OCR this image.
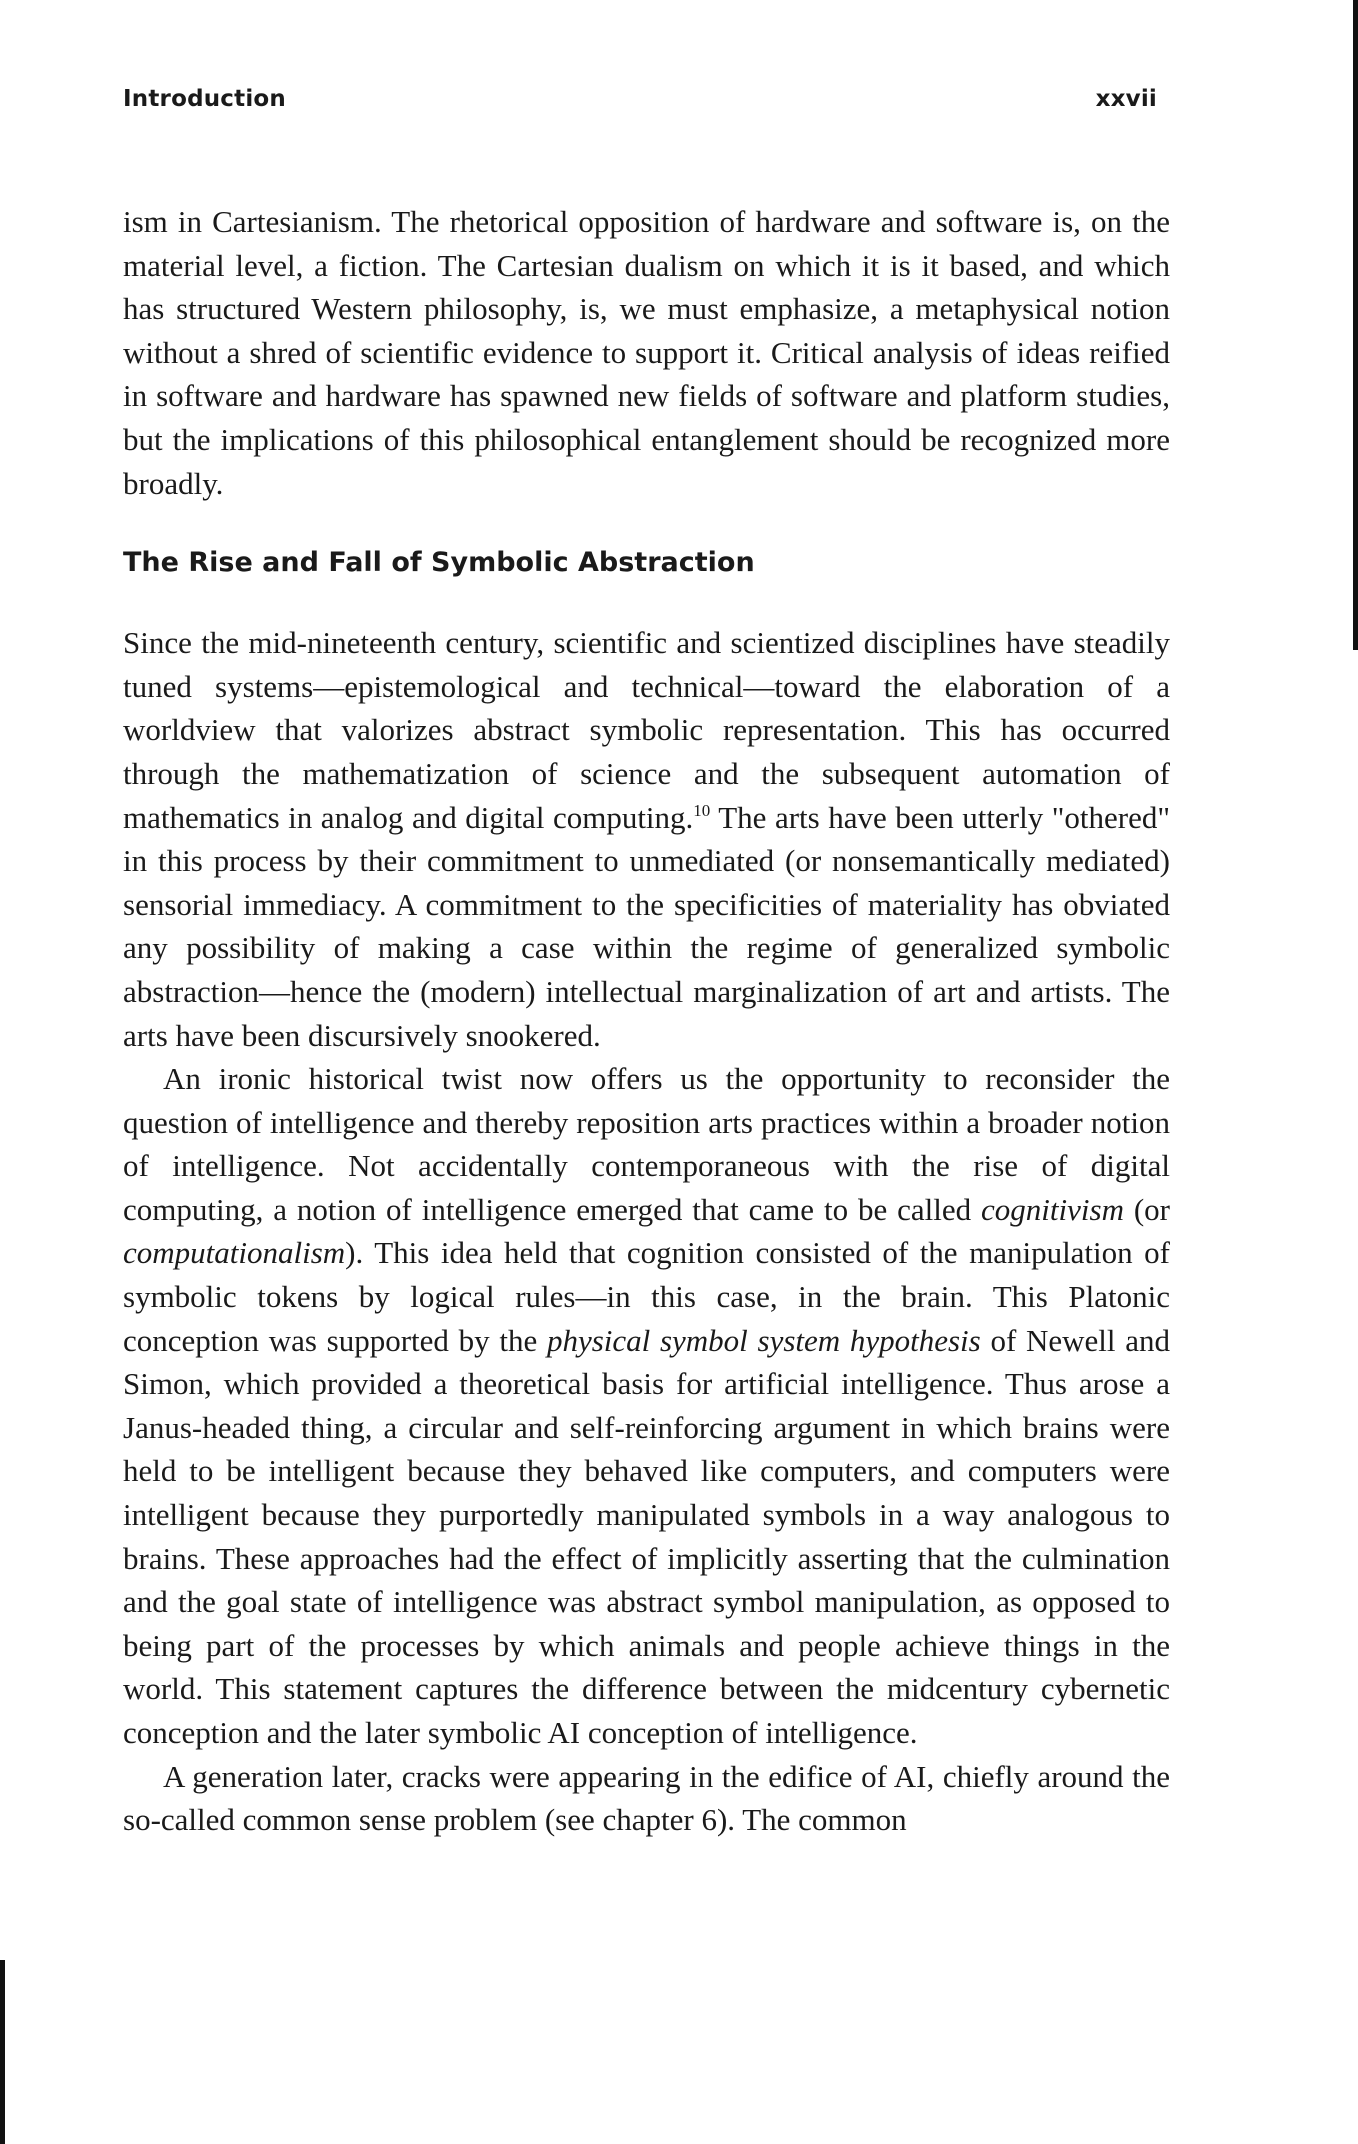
Introduction	xxvii

ism in Cartesianism. The rhetorical opposition of hardware and software is, on the material level, a fiction. The Cartesian dualism on which it is it based, and which has structured Western philosophy, is, we must emphasize, a metaphysical notion without a shred of scientific evidence to support it. Critical analysis of ideas reified in software and hardware has spawned new fields of software and platform studies, but the implications of this philosophical entanglement should be recognized more broadly.

The Rise and Fall of Symbolic Abstraction

Since the mid-nineteenth century, scientific and scientized disciplines have steadily tuned systems—epistemological and technical—toward the elaboration of a worldview that valorizes abstract symbolic representation. This has occurred through the mathematization of science and the subsequent automation of mathematics in analog and digital computing.$^{10}$ The arts have been utterly "othered" in this process by their commitment to unmediated (or nonsemantically mediated) sensorial immediacy. A commitment to the specificities of materiality has obviated any possibility of making a case within the regime of generalized symbolic abstraction—hence the (modern) intellectual marginalization of art and artists. The arts have been discursively snookered.

An ironic historical twist now offers us the opportunity to reconsider the question of intelligence and thereby reposition arts practices within a broader notion of intelligence. Not accidentally contemporaneous with the rise of digital computing, a notion of intelligence emerged that came to be called cognitivism (or computationalism). This idea held that cognition consisted of the manipulation of symbolic tokens by logical rules—in this case, in the brain. This Platonic conception was supported by the physical symbol system hypothesis of Newell and Simon, which provided a theoretical basis for artificial intelligence. Thus arose a Janus-headed thing, a circular and self-reinforcing argument in which brains were held to be intelligent because they behaved like computers, and computers were intelligent because they purportedly manipulated symbols in a way analogous to brains. These approaches had the effect of implicitly asserting that the culmination and the goal state of intelligence was abstract symbol manipulation, as opposed to being part of the processes by which animals and people achieve things in the world. This statement captures the difference between the midcentury cybernetic conception and the later symbolic AI conception of intelligence.

A generation later, cracks were appearing in the edifice of AI, chiefly around the so-called common sense problem (see chapter 6). The common
